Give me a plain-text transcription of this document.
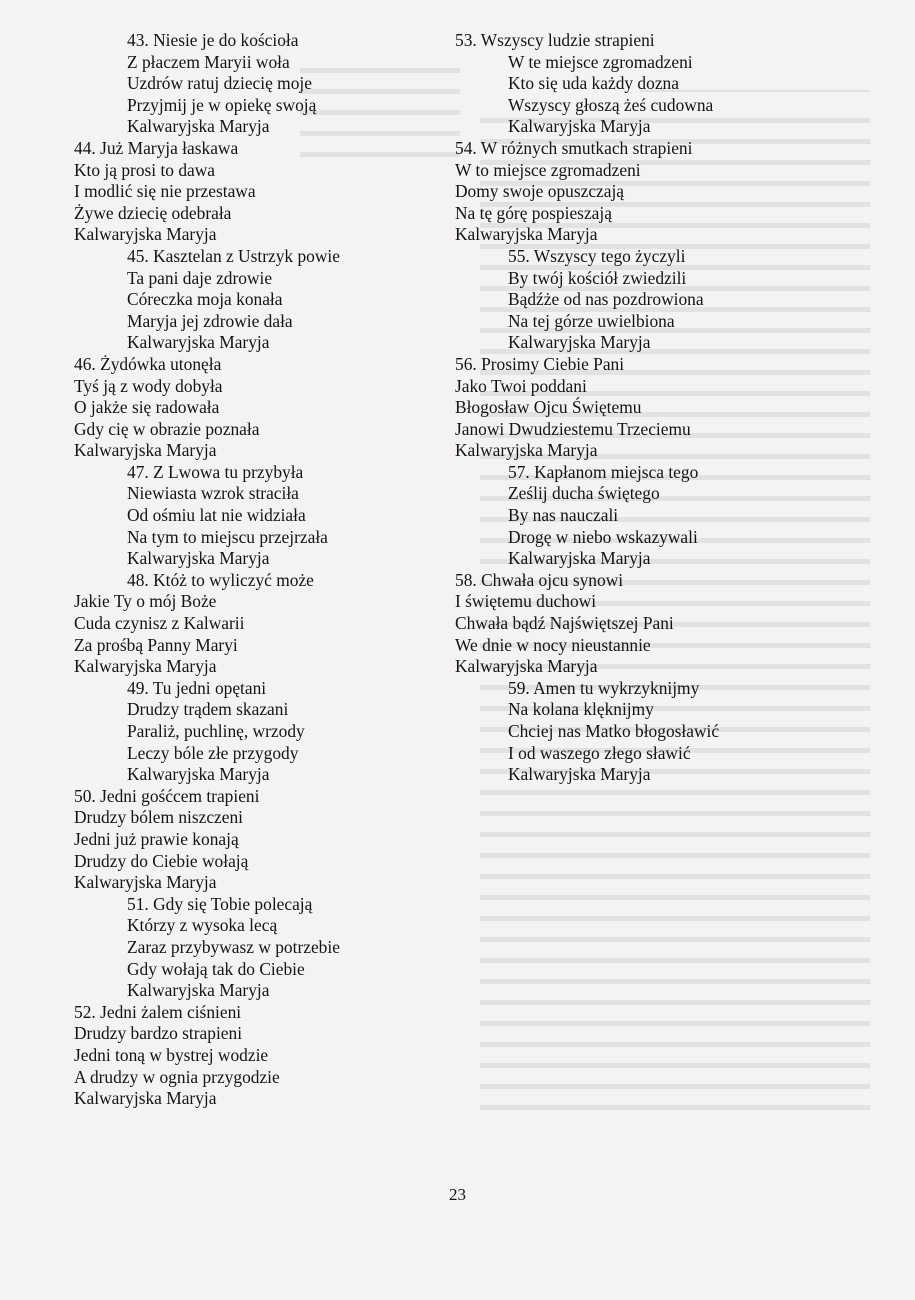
43. Niesie je do kościoła
Z płaczem Maryii woła
Uzdrów ratuj dziecię moje
Przyjmij je w opiekę swoją
Kalwaryjska Maryja
44. Już Maryja łaskawa
Kto ją prosi to dawa
I modlić się nie przestawa
Żywe dziecię odebrała
Kalwaryjska Maryja
45. Kasztelan z Ustrzyk powie
Ta pani daje zdrowie
Córeczka moja konała
Maryja jej zdrowie dała
Kalwaryjska Maryja
46. Żydówka utonęła
Tyś ją z wody dobyła
O jakże się radowała
Gdy cię w obrazie poznała
Kalwaryjska Maryja
47. Z Lwowa tu przybyła
Niewiasta wzrok straciła
Od ośmiu lat nie widziała
Na tym to miejscu przejrzała
Kalwaryjska Maryja
48. Któż to wyliczyć może
Jakie Ty o mój Boże
Cuda czynisz z Kalwarii
Za prośbą Panny Maryi
Kalwaryjska Maryja
49. Tu jedni opętani
Drudzy trądem skazani
Paraliż, puchlinę, wrzody
Leczy bóle złe przygody
Kalwaryjska Maryja
50. Jedni gośćcem trapieni
Drudzy bólem niszczeni
Jedni już prawie konają
Drudzy do Ciebie wołają
Kalwaryjska Maryja
51. Gdy się Tobie polecają
Którzy z wysoka lecą
Zaraz przybywasz w potrzebie
Gdy wołają tak do Ciebie
Kalwaryjska Maryja
52. Jedni żalem ciśnieni
Drudzy bardzo strapieni
Jedni toną w bystrej wodzie
A drudzy w ognia przygodzie
Kalwaryjska Maryja
53. Wszyscy ludzie strapieni
W te miejsce zgromadzeni
Kto się uda każdy dozna
Wszyscy głoszą żeś cudowna
Kalwaryjska Maryja
54. W różnych smutkach strapieni
W to miejsce zgromadzeni
Domy swoje opuszczają
Na tę górę pospieszają
Kalwaryjska Maryja
55. Wszyscy tego życzyli
By twój kościół zwiedzili
Bądźże od nas pozdrowiona
Na tej górze uwielbiona
Kalwaryjska Maryja
56. Prosimy Ciebie Pani
Jako Twoi poddani
Błogosław Ojcu Świętemu
Janowi Dwudziestemu Trzeciemu
Kalwaryjska Maryja
57. Kapłanom miejsca tego
Ześlij ducha świętego
By nas nauczali
Drogę w niebo wskazywali
Kalwaryjska Maryja
58. Chwała ojcu synowi
I świętemu duchowi
Chwała bądź Najświętszej Pani
We dnie w nocy nieustannie
Kalwaryjska Maryja
59. Amen tu wykrzyknijmy
Na kolana klęknijmy
Chciej nas Matko błogosławić
I od waszego złego sławić
Kalwaryjska Maryja
23
